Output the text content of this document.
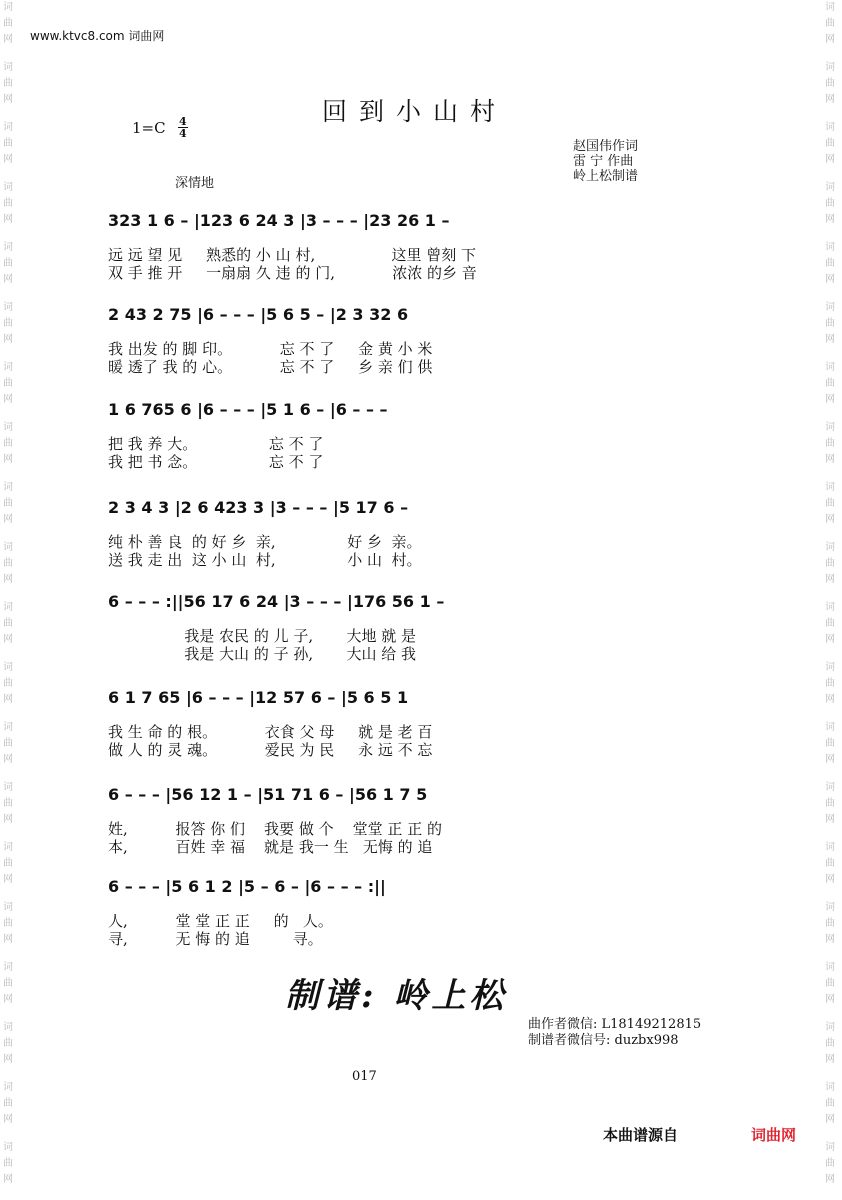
词
曲
网
词
曲
网
词
曲
网
词
曲
网
词
曲
网
词
曲
网
词
曲
网
词
曲
网
词
曲
网
词
曲
网
词
曲
网
词
曲
网
词
曲
网
词
曲
网
词
曲
网
词
曲
网
词
曲
网
词
曲
网
词
曲
网
词
曲
网
词
曲
网
词
曲
网
词
曲
网
词
曲
网
词
曲
网
词
曲
网
词
曲
网
词
曲
网
词
曲
网
词
曲
网
词
曲
网
词
曲
网
词
曲
网
词
曲
网
词
曲
网
词
曲
网
词
曲
网
词
曲
网
词
曲
网
词
曲
网
www.ktvc8.com 词曲网
回到小山村
1=C 4
4
赵国伟作词
雷 宁 作曲
岭上松制谱
深情地
323 1 6 – |123 6 24 3 |3 – – – |23 26 1 –
远 远 望 见     熟悉的 小 山 村,                这里 曾刻 下
双 手 推 开     一扇扇 久 违 的 门,            浓浓 的乡 音
2 43 2 75 |6 – – – |5 6 5 – |2 3 32 6
我 出发 的 脚 印。          忘 不 了     金 黄 小 米
暖 透了 我 的 心。          忘 不 了     乡 亲 们 供
1 6 765 6 |6 – – – |5 1 6 – |6 – – –
把 我 养 大。               忘 不 了
我 把 书 念。               忘 不 了
2 3 4 3 |2 6 423 3 |3 – – – |5 17 6 –
纯 朴 善 良  的 好 乡  亲,               好 乡  亲。
送 我 走 出  这 小 山  村,               小 山  村。
6 – – – :||56 17 6 24 |3 – – – |176 56 1 –
我是 农民 的 儿 子,       大地 就 是
我是 大山 的 子 孙,       大山 给 我
6 1 7 65 |6 – – – |12 57 6 – |5 6 5 1
我 生 命 的 根。          衣食 父 母     就 是 老 百
做 人 的 灵 魂。          爱民 为 民     永 远 不 忘
6 – – – |56 12 1 – |51 71 6 – |56 1 7 5
姓,          报答 你 们    我要 做 个    堂堂 正 正 的
本,          百姓 幸 福    就是 我一 生   无悔 的 追
6 – – – |5 6 1 2 |5 – 6 – |6 – – – :||
人,          堂 堂 正 正     的   人。
寻,          无 悔 的 追         寻。
制谱: 岭上松
曲作者微信: L18149212815
制谱者微信号: duzbx998
017
本曲谱源自	词曲网
